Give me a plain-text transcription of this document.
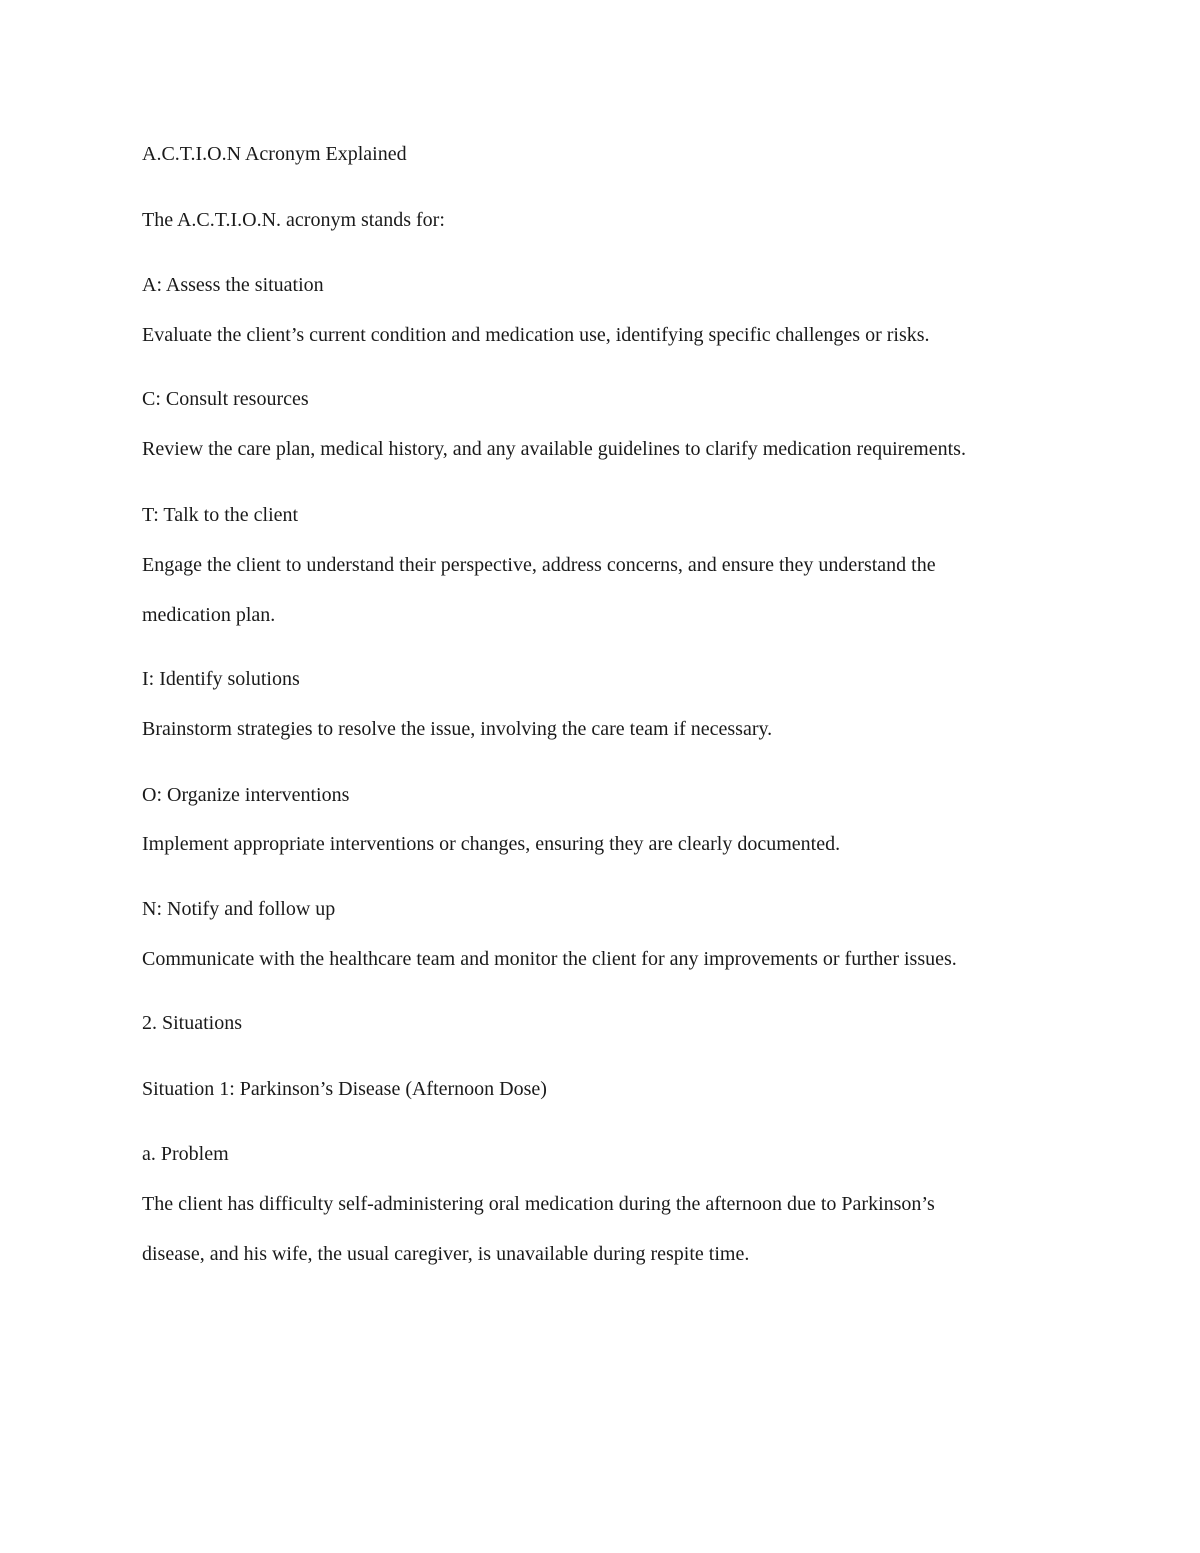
A.C.T.I.O.N Acronym Explained

The A.C.T.I.O.N. acronym stands for:

A: Assess the situation

Evaluate the client’s current condition and medication use, identifying specific challenges or risks.

C: Consult resources

Review the care plan, medical history, and any available guidelines to clarify medication requirements.

T: Talk to the client

Engage the client to understand their perspective, address concerns, and ensure they understand the

medication plan.

I: Identify solutions

Brainstorm strategies to resolve the issue, involving the care team if necessary.

O: Organize interventions

Implement appropriate interventions or changes, ensuring they are clearly documented.

N: Notify and follow up

Communicate with the healthcare team and monitor the client for any improvements or further issues.

2. Situations

Situation 1: Parkinson’s Disease (Afternoon Dose)

a. Problem

The client has difficulty self-administering oral medication during the afternoon due to Parkinson’s

disease, and his wife, the usual caregiver, is unavailable during respite time.
